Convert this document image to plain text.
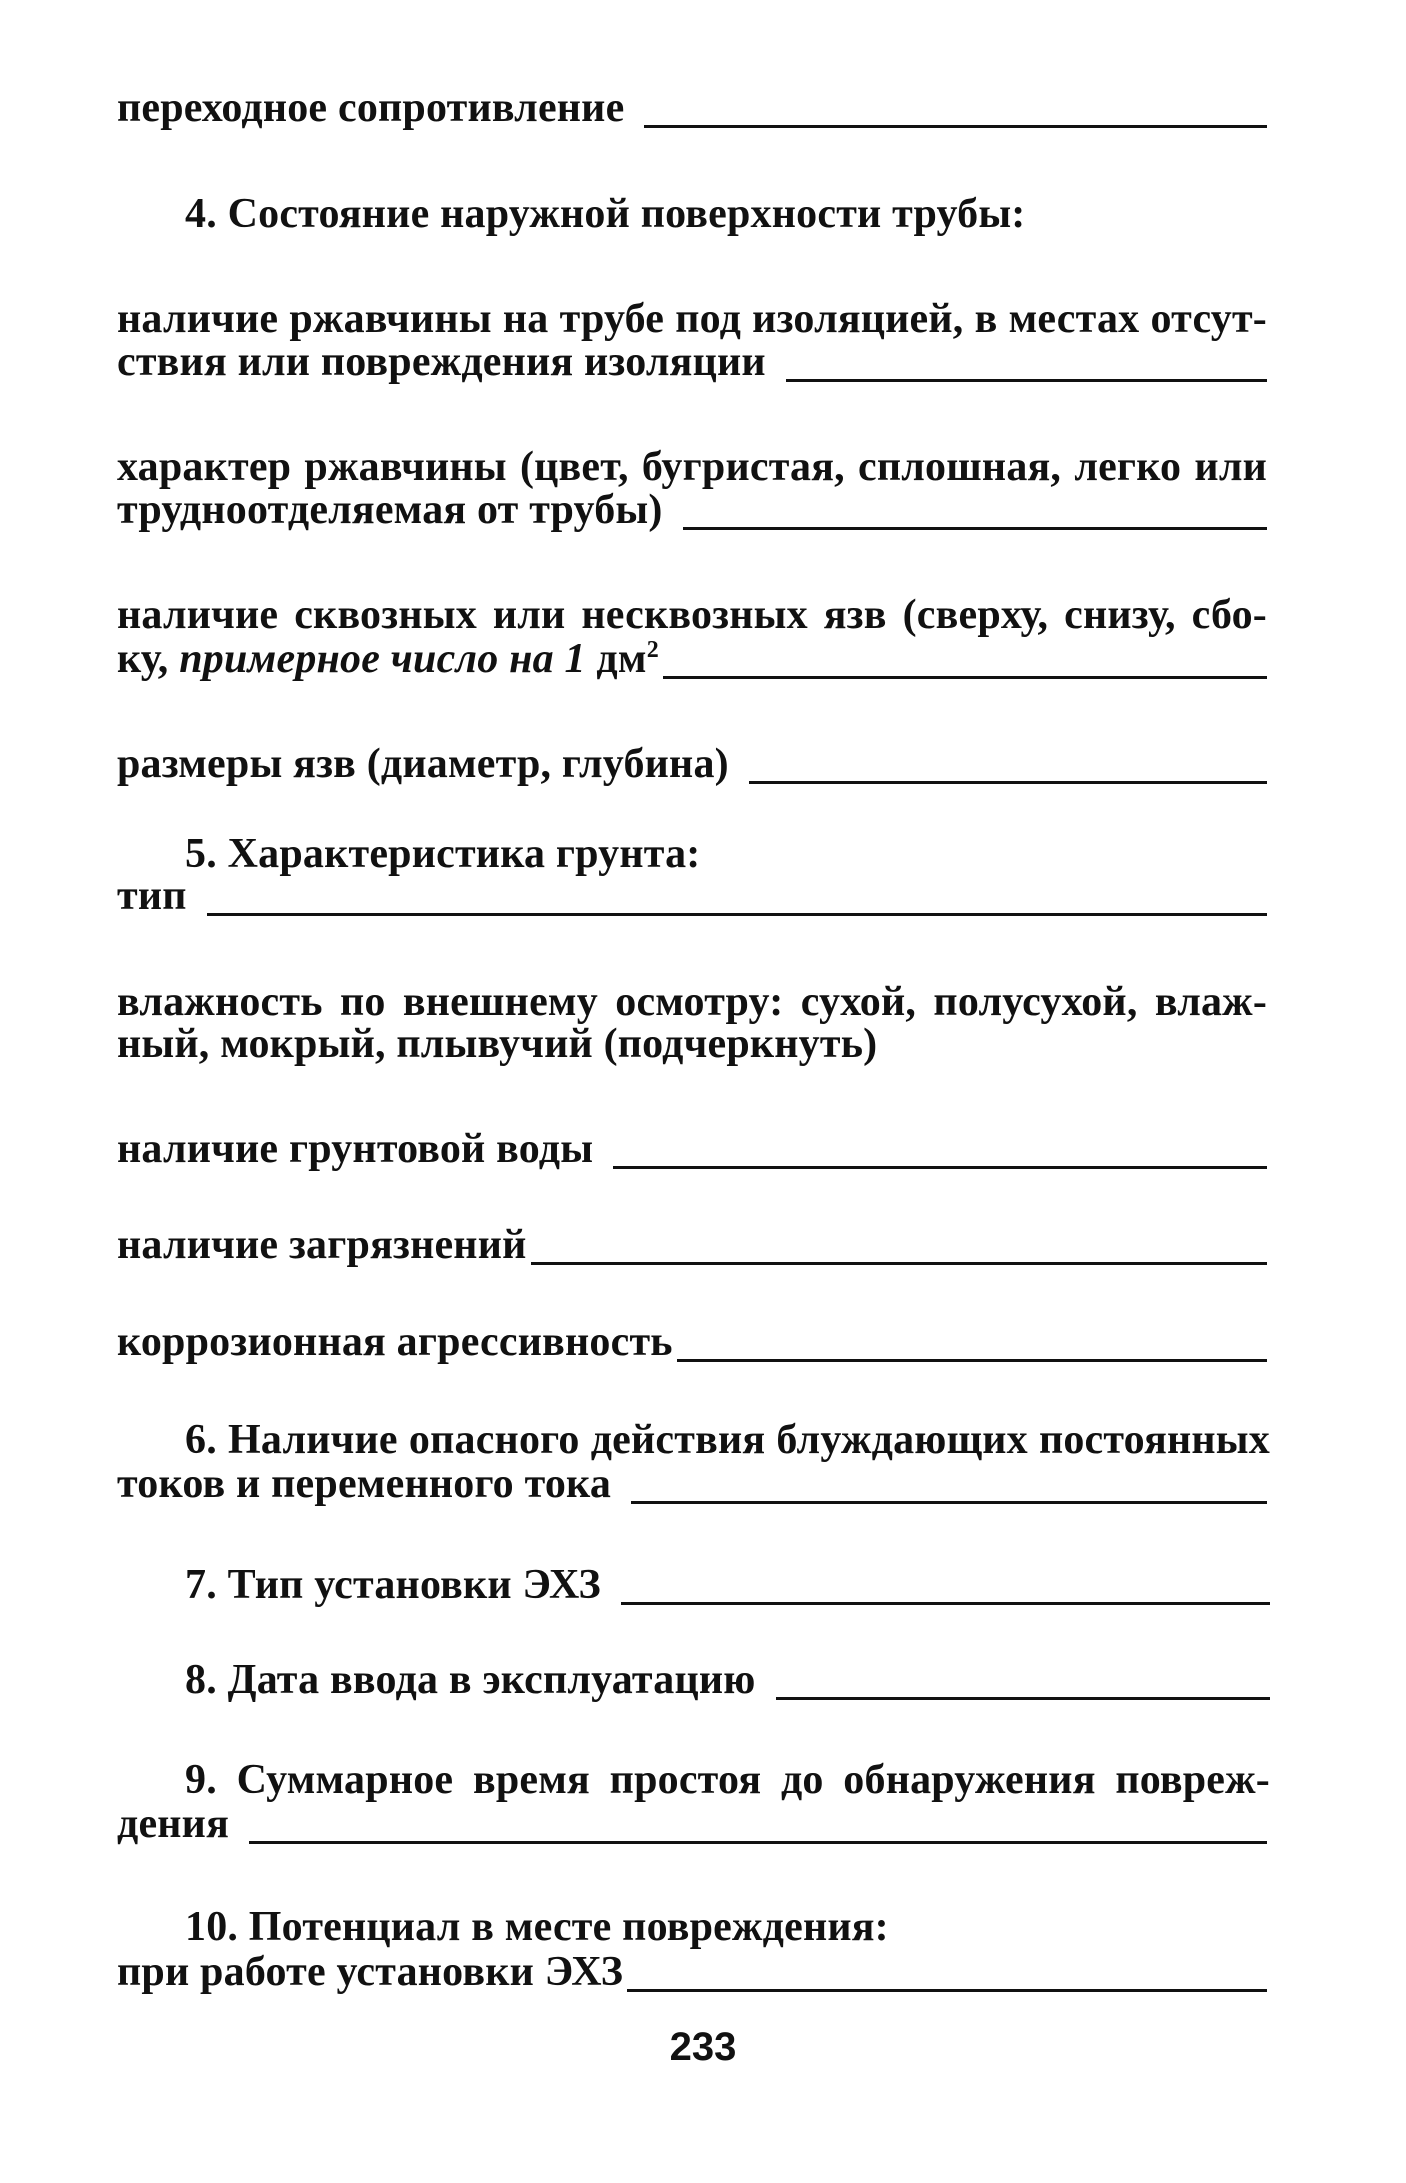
переходное сопротивление
4. Состояние наружной поверхности трубы:
наличие ржавчины на трубе под изоляцией, в местах отсут-
ствия или повреждения изоляции
характер ржавчины (цвет, бугристая, сплошная, легко или
трудноотделяемая от трубы)
наличие сквозных или несквозных язв (сверху, снизу, сбо-
ку, примерное число на 1 $дм^2$
размеры язв (диаметр, глубина)
5. Характеристика грунта:
тип
влажность по внешнему осмотру: сухой, полусухой, влаж-
ный, мокрый, плывучий (подчеркнуть)
наличие грунтовой воды
наличие загрязнений
коррозионная агрессивность
6. Наличие опасного действия блуждающих постоянных
токов и переменного тока
7. Тип установки ЭХЗ
8. Дата ввода в эксплуатацию
9. Суммарное время простоя до обнаружения повреж-
дения
10. Потенциал в месте повреждения:
при работе установки ЭХЗ
233
